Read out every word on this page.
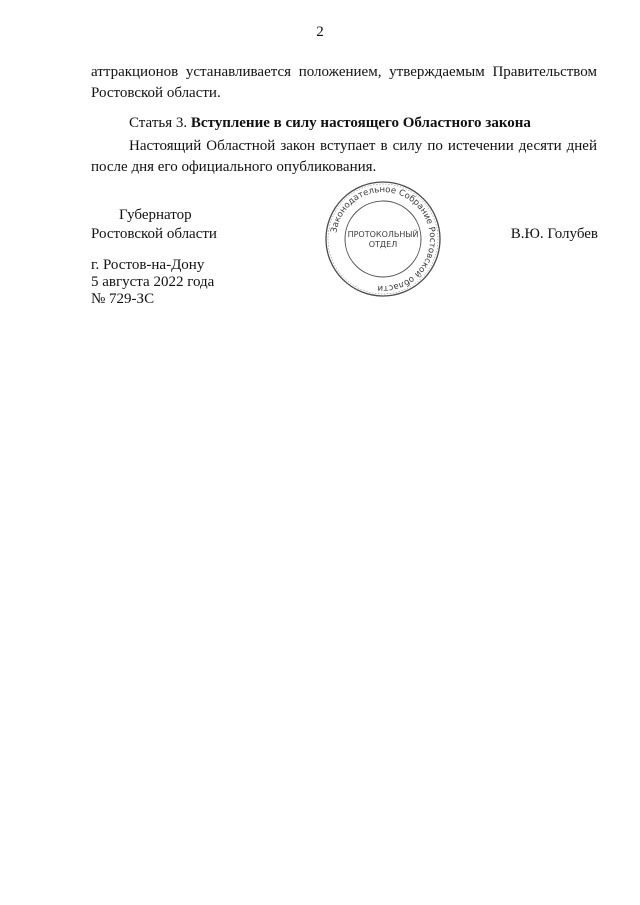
2

аттракционов устанавливается положением, утверждаемым Правительством Ростовской области.

Статья 3. Вступление в силу настоящего Областного закона

Настоящий Областной закон вступает в силу по истечении десяти дней после дня его официального опубликования.

Губернатор
Ростовской области	Законодательное Собрание Ростовской области
ПРОТОКОЛЬНЫЙ
ОТДЕЛ
В.Ю. Голубев
г. Ростов-на-Дону
5 августа 2022 года
№ 729-ЗС
